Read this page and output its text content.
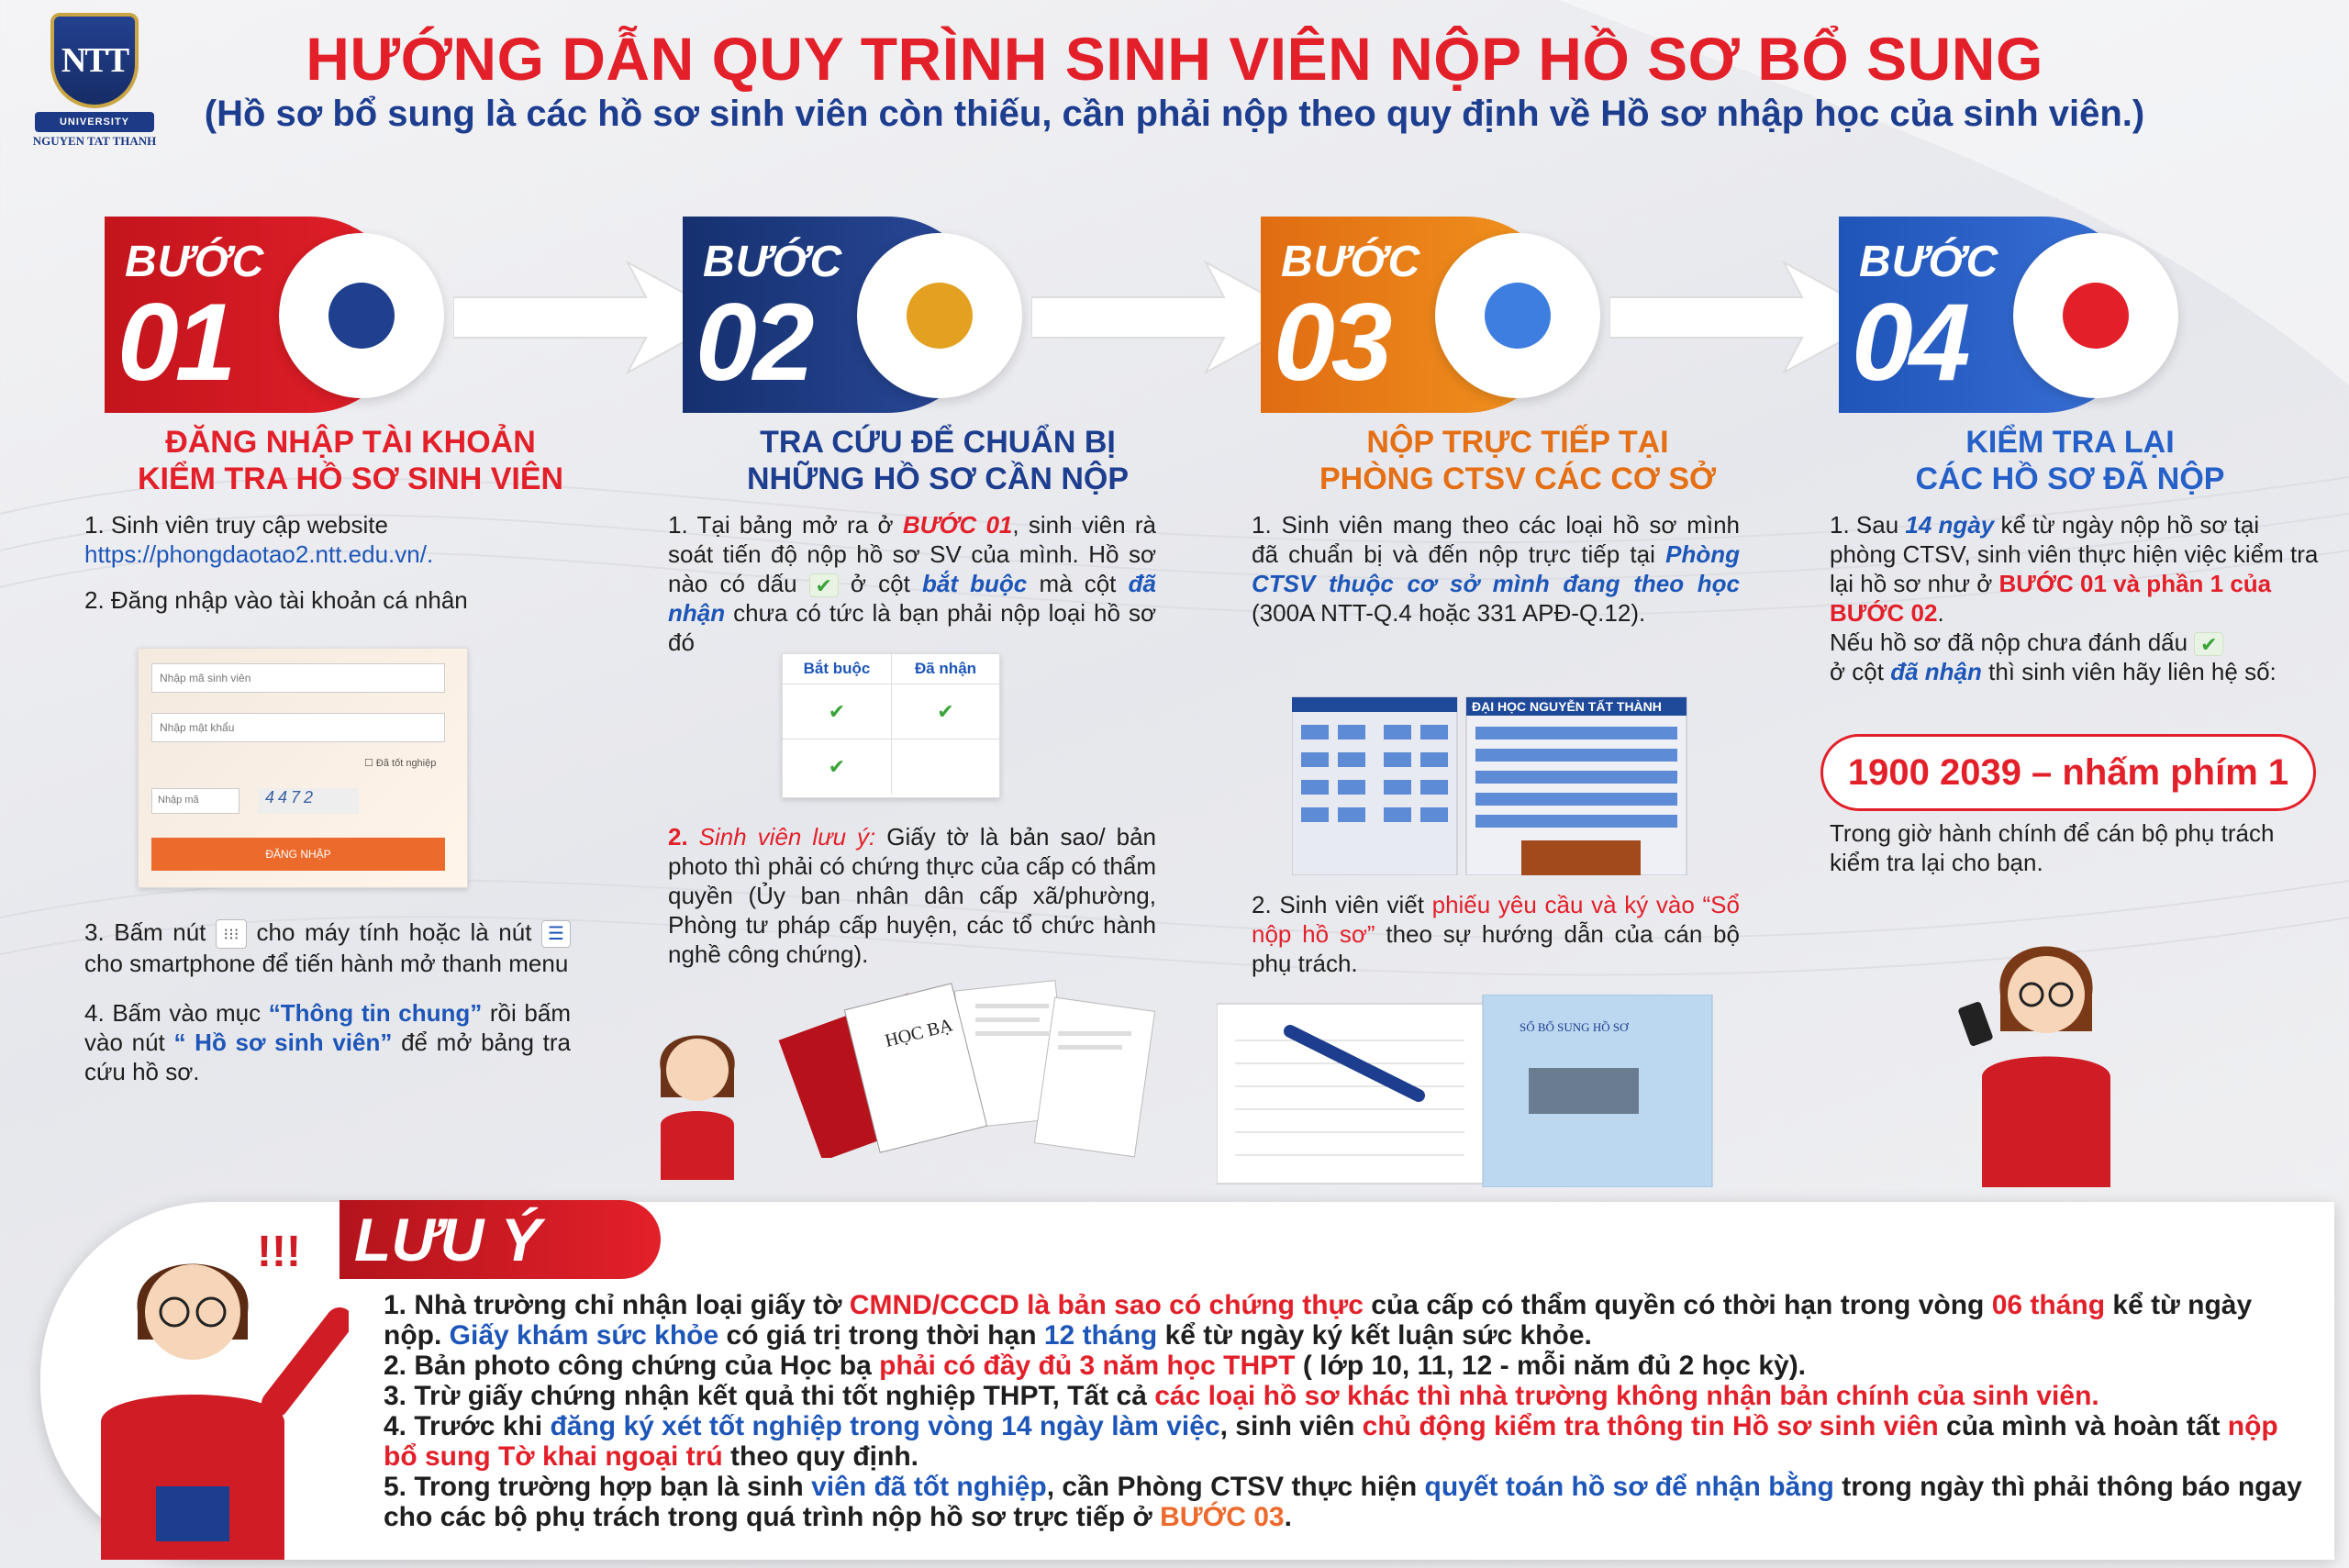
NTT
UNIVERSITY
NGUYEN TAT THANH
HƯỚNG DẪN QUY TRÌNH SINH VIÊN NỘP HỒ SƠ BỔ SUNG
(Hồ sơ bổ sung là các hồ sơ sinh viên còn thiếu, cần phải nộp theo quy định về Hồ sơ nhập học của sinh viên.)
BƯỚC
01
ĐĂNG NHẬP TÀI KHOẢN
KIỂM TRA HỒ SƠ SINH VIÊN

1. Sinh viên truy cập website
https://phongdaotao2.ntt.edu.vn/.

2. Đăng nhập vào tài khoản cá nhân

Nhập mã sinh viên
Nhập mật khẩu
☐ Đã tốt nghiệp
Nhập mã	4472
ĐĂNG NHẬP

3. Bấm nút ⁝⁝⁝ cho máy tính hoặc là nút ☰ cho smartphone để tiến hành mở thanh menu

4. Bấm vào mục “Thông tin chung” rồi bấm vào nút “ Hồ sơ sinh viên” để mở bảng tra cứu hồ sơ.

BƯỚC
02
TRA CỨU ĐỂ CHUẨN BỊ
NHỮNG HỒ SƠ CẦN NỘP

1. Tại bảng mở ra ở BƯỚC 01, sinh viên rà soát tiến độ nộp hồ sơ SV của mình. Hồ sơ nào có dấu ✔ ở cột bắt buộc mà cột đã nhận chưa có tức là bạn phải nộp loại hồ sơ đó

Bắt buộc	Đã nhận
✔	✔
✔

2. Sinh viên lưu ý: Giấy tờ là bản sao/ bản photo thì phải có chứng thực của cấp có thẩm quyền (Ủy ban nhân dân cấp xã/phường, Phòng tư pháp cấp huyện, các tổ chức hành nghề công chứng).

HỌC BẠ
BƯỚC
03
NỘP TRỰC TIẾP TẠI
PHÒNG CTSV CÁC CƠ SỞ

1. Sinh viên mang theo các loại hồ sơ mình đã chuẩn bị và đến nộp trực tiếp tại Phòng CTSV thuộc cơ sở mình đang theo học (300A NTT-Q.4 hoặc 331 APĐ-Q.12).

ĐẠI HỌC NGUYỄN TẤT THÀNH

2. Sinh viên viết phiếu yêu cầu và ký vào “Sổ nộp hồ sơ” theo sự hướng dẫn của cán bộ phụ trách.

SỔ BỔ SUNG HỒ SƠ
BƯỚC
04
KIỂM TRA LẠI
CÁC HỒ SƠ ĐÃ NỘP

1. Sau 14 ngày kể từ ngày nộp hồ sơ tại phòng CTSV, sinh viên thực hiện việc kiểm tra lại hồ sơ như ở BƯỚC 01 và phần 1 của BƯỚC 02.
Nếu hồ sơ đã nộp chưa đánh dấu ✔
ở cột đã nhận thì sinh viên hãy liên hệ số:

1900 2039 – nhấm phím 1

Trong giờ hành chính để cán bộ phụ trách kiểm tra lại cho bạn.

!!! LƯU Ý
1. Nhà trường chỉ nhận loại giấy tờ CMND/CCCD là bản sao có chứng thực của cấp có thẩm quyền có thời hạn trong vòng 06 tháng kể từ ngày nộp. Giấy khám sức khỏe có giá trị trong thời hạn 12 tháng kể từ ngày ký kết luận sức khỏe.
2. Bản photo công chứng của Học bạ phải có đầy đủ 3 năm học THPT ( lớp 10, 11, 12 - mỗi năm đủ 2 học kỳ).
3. Trừ giấy chứng nhận kết quả thi tốt nghiệp THPT, Tất cả các loại hồ sơ khác thì nhà trường không nhận bản chính của sinh viên.
4. Trước khi đăng ký xét tốt nghiệp trong vòng 14 ngày làm việc, sinh viên chủ động kiểm tra thông tin Hồ sơ sinh viên của mình và hoàn tất nộp bổ sung Tờ khai ngoại trú theo quy định.
5. Trong trường hợp bạn là sinh viên đã tốt nghiệp, cần Phòng CTSV thực hiện quyết toán hồ sơ để nhận bằng trong ngày thì phải thông báo ngay cho các bộ phụ trách trong quá trình nộp hồ sơ trực tiếp ở BƯỚC 03.
